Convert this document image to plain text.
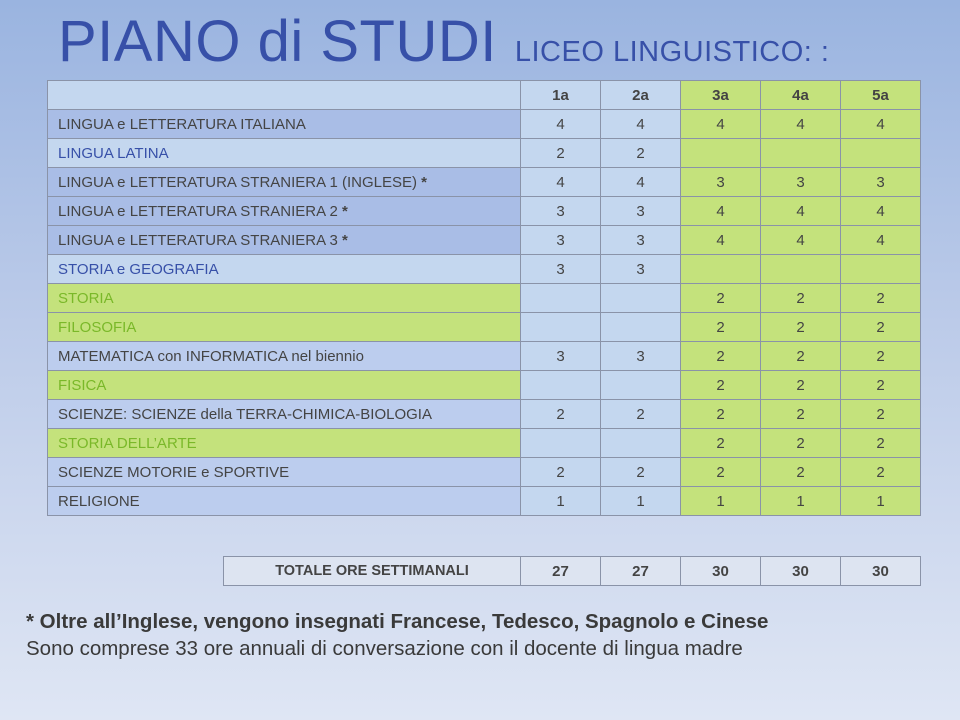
PIANO di STUDI LICEO LINGUISTICO: :
	1a	2a	3a	4a	5a
LINGUA e LETTERATURA ITALIANA	4	4	4	4	4
LINGUA LATINA	2	2			
LINGUA e LETTERATURA STRANIERA 1 (INGLESE) *	4	4	3	3	3
LINGUA e LETTERATURA STRANIERA 2 *	3	3	4	4	4
LINGUA e LETTERATURA STRANIERA 3 *	3	3	4	4	4
STORIA e GEOGRAFIA	3	3			
STORIA			2	2	2
FILOSOFIA			2	2	2
MATEMATICA con INFORMATICA nel biennio	3	3	2	2	2
FISICA			2	2	2
SCIENZE: SCIENZE della TERRA-CHIMICA-BIOLOGIA	2	2	2	2	2
STORIA DELL’ARTE			2	2	2
SCIENZE MOTORIE e SPORTIVE	2	2	2	2	2
RELIGIONE	1	1	1	1	1
TOTALE ORE SETTIMANALI	27	27	30	30	30
* Oltre all’Inglese, vengono insegnati Francese, Tedesco, Spagnolo e Cinese
Sono comprese 33 ore annuali di conversazione con il docente di lingua madre
